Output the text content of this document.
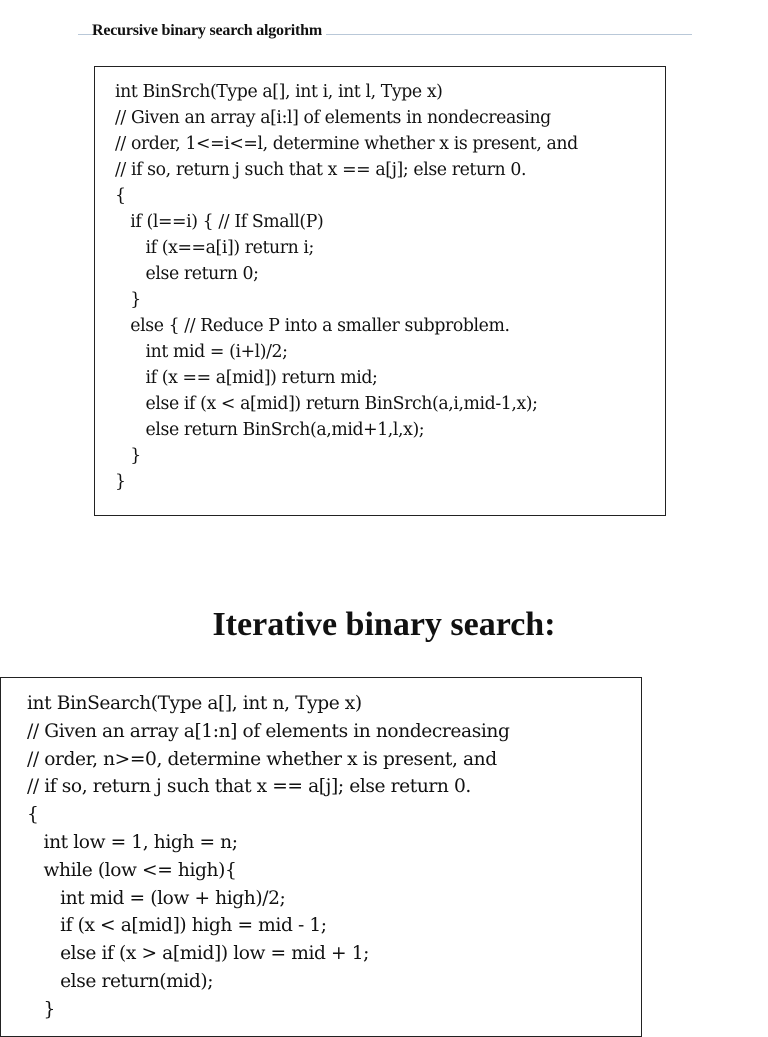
Recursive binary search algorithm
int BinSrch(Type a[], int i, int l, Type x)
// Given an array a[i:l] of elements in nondecreasing
// order, 1<=i<=l, determine whether x is present, and
// if so, return j such that x == a[j]; else return 0.
{
if (l==i) { // If Small(P)
if (x==a[i]) return i;
else return 0;
}
else { // Reduce P into a smaller subproblem.
int mid = (i+l)/2;
if (x == a[mid]) return mid;
else if (x < a[mid]) return BinSrch(a,i,mid-1,x);
else return BinSrch(a,mid+1,l,x);
}
}
Iterative binary search:
int BinSearch(Type a[], int n, Type x)
// Given an array a[1:n] of elements in nondecreasing
// order, n>=0, determine whether x is present, and
// if so, return j such that x == a[j]; else return 0.
{
int low = 1, high = n;
while (low <= high){
int mid = (low + high)/2;
if (x < a[mid]) high = mid - 1;
else if (x > a[mid]) low = mid + 1;
else return(mid);
}
